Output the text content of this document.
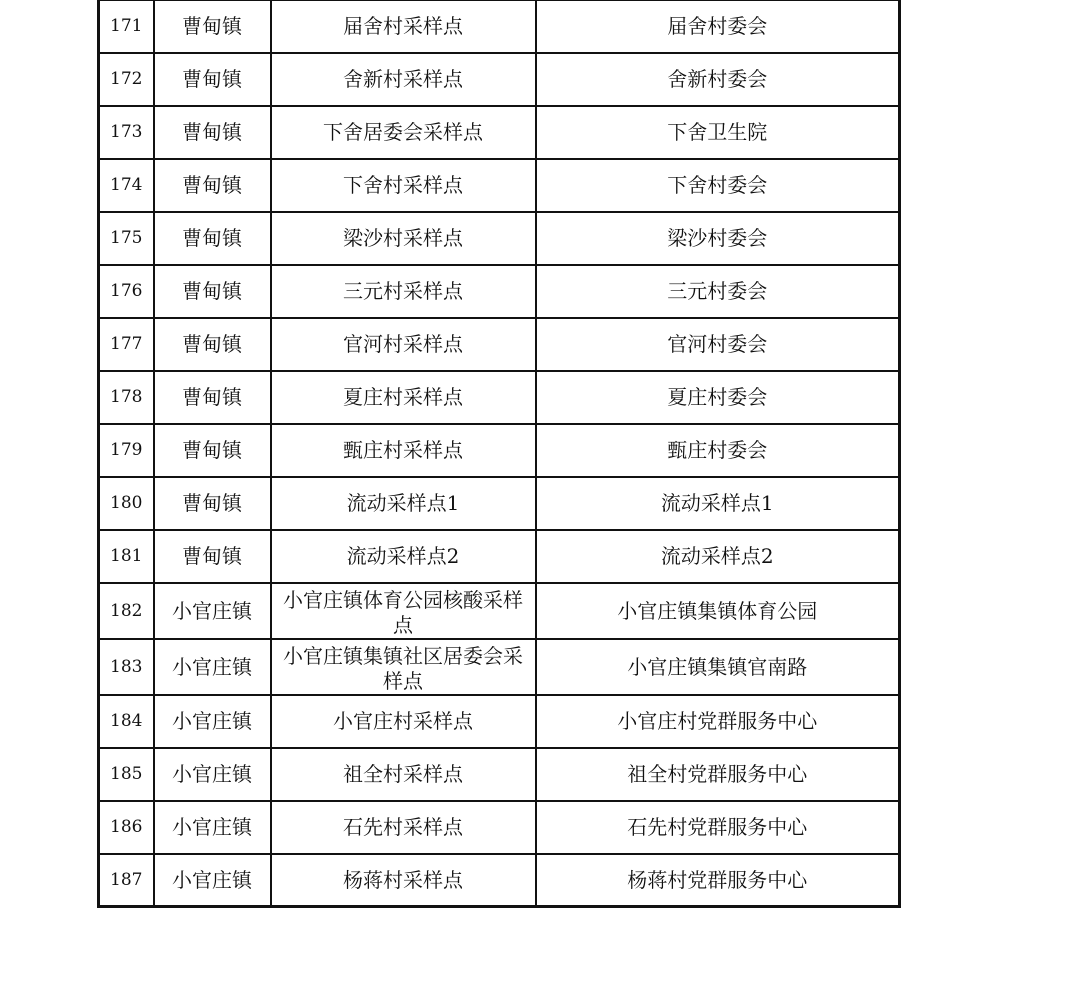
171	曹甸镇	届舍村采样点	届舍村委会
172	曹甸镇	舍新村采样点	舍新村委会
173	曹甸镇	下舍居委会采样点	下舍卫生院
174	曹甸镇	下舍村采样点	下舍村委会
175	曹甸镇	梁沙村采样点	梁沙村委会
176	曹甸镇	三元村采样点	三元村委会
177	曹甸镇	官河村采样点	官河村委会
178	曹甸镇	夏庄村采样点	夏庄村委会
179	曹甸镇	甄庄村采样点	甄庄村委会
180	曹甸镇	流动采样点1	流动采样点1
181	曹甸镇	流动采样点2	流动采样点2
182	小官庄镇	小官庄镇体育公园核酸采样点	小官庄镇集镇体育公园
183	小官庄镇	小官庄镇集镇社区居委会采样点	小官庄镇集镇官南路
184	小官庄镇	小官庄村采样点	小官庄村党群服务中心
185	小官庄镇	祖全村采样点	祖全村党群服务中心
186	小官庄镇	石先村采样点	石先村党群服务中心
187	小官庄镇	杨蒋村采样点	杨蒋村党群服务中心
